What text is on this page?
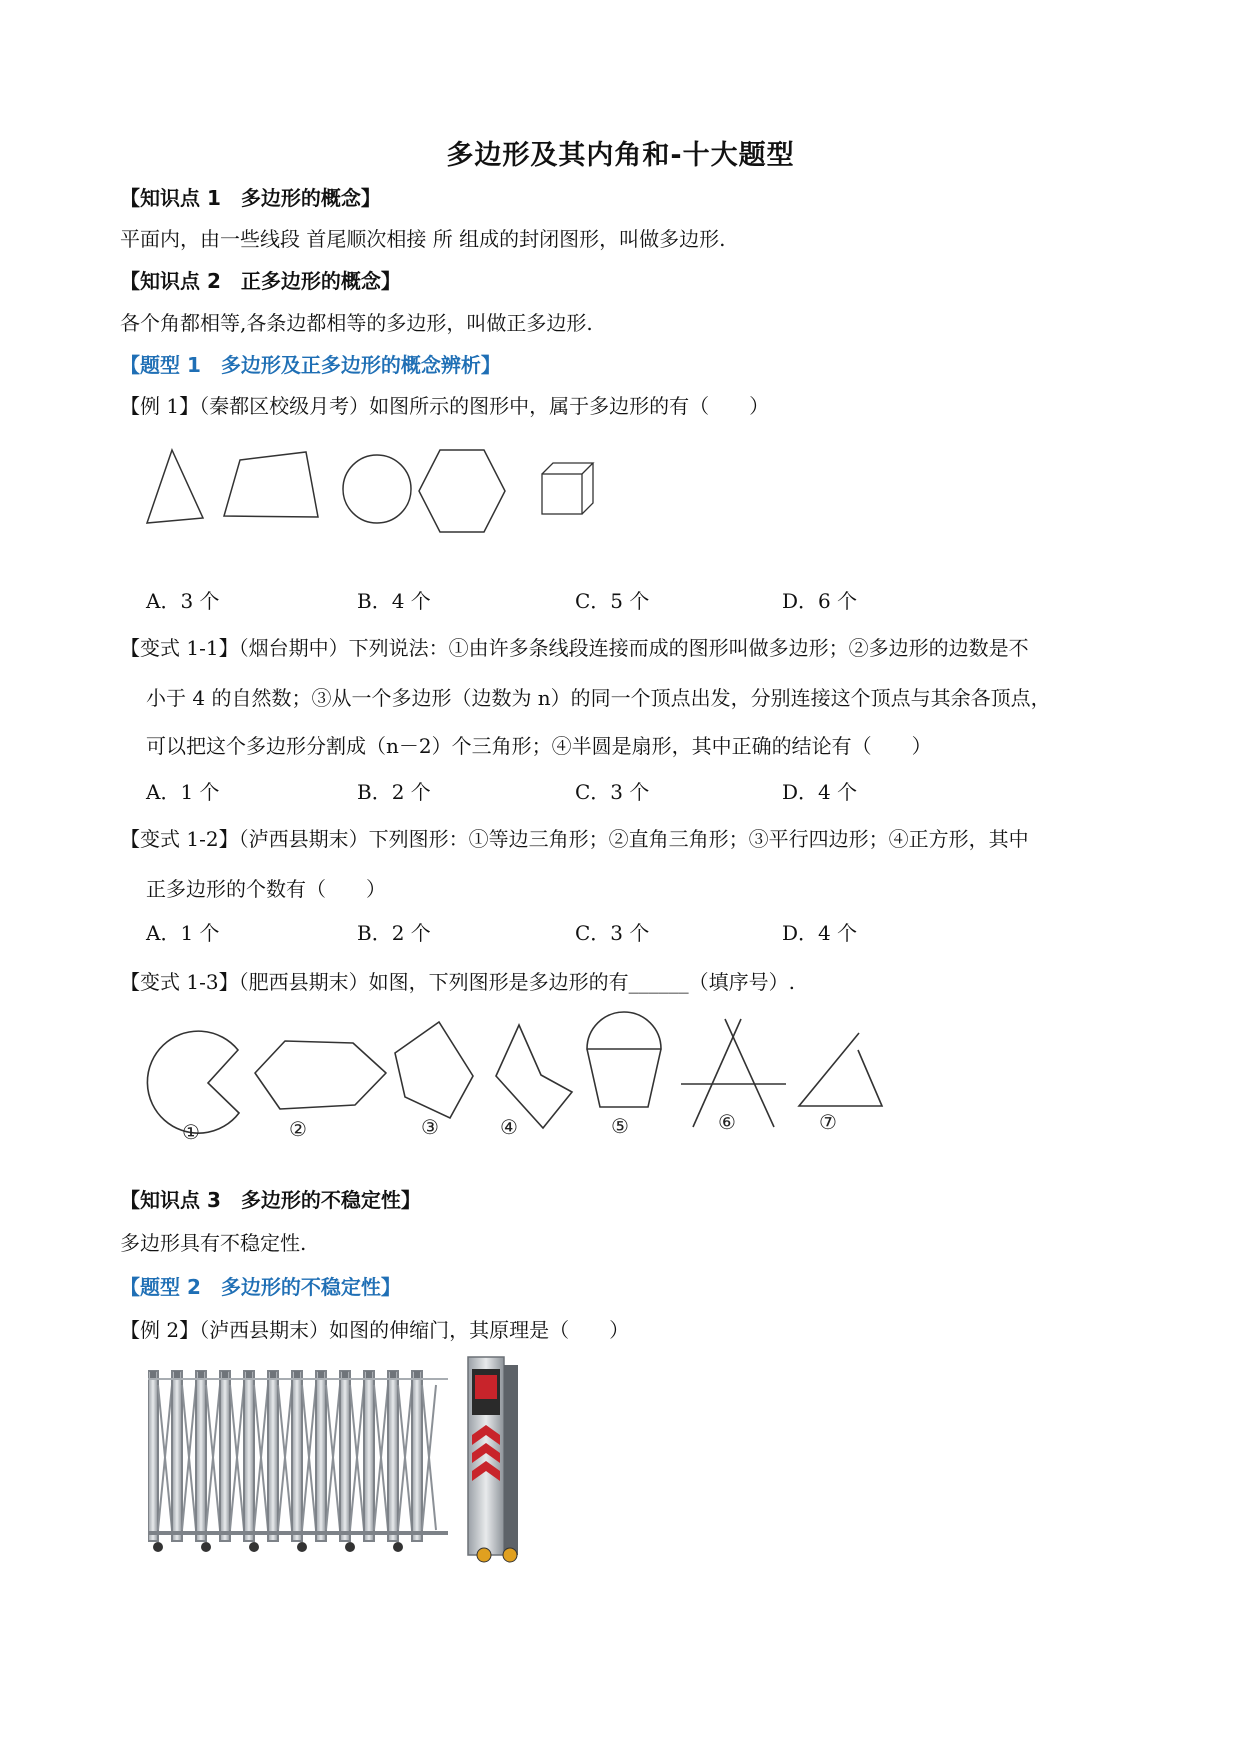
多边形及其内角和-十大题型
【知识点 1　多边形的概念】
平面内，由一些线段 首尾顺次相接 所 组成的封闭图形，叫做多边形.
【知识点 2　正多边形的概念】
各个角都相等,各条边都相等的多边形，叫做正多边形.
【题型 1　多边形及正多边形的概念辨析】
【例 1】（秦都区校级月考）如图所示的图形中，属于多边形的有（　　）
A．3 个	B．4 个	C．5 个	D．6 个
【变式 1-1】（烟台期中）下列说法：①由许多条线段连接而成的图形叫做多边形；②多边形的边数是不
小于 4 的自然数；③从一个多边形（边数为 n）的同一个顶点出发，分别连接这个顶点与其余各顶点，
可以把这个多边形分割成（n－2）个三角形；④半圆是扇形，其中正确的结论有（　　）
A．1 个	B．2 个	C．3 个	D．4 个
【变式 1-2】（泸西县期末）下列图形：①等边三角形；②直角三角形；③平行四边形；④正方形，其中
正多边形的个数有（　　）
A．1 个	B．2 个	C．3 个	D．4 个
【变式 1-3】（肥西县期末）如图，下列图形是多边形的有______（填序号）.
①	②	③	④	⑤	⑥	⑦
【知识点 3　多边形的不稳定性】
多边形具有不稳定性.
【题型 2　多边形的不稳定性】
【例 2】（泸西县期末）如图的伸缩门，其原理是（　　）
